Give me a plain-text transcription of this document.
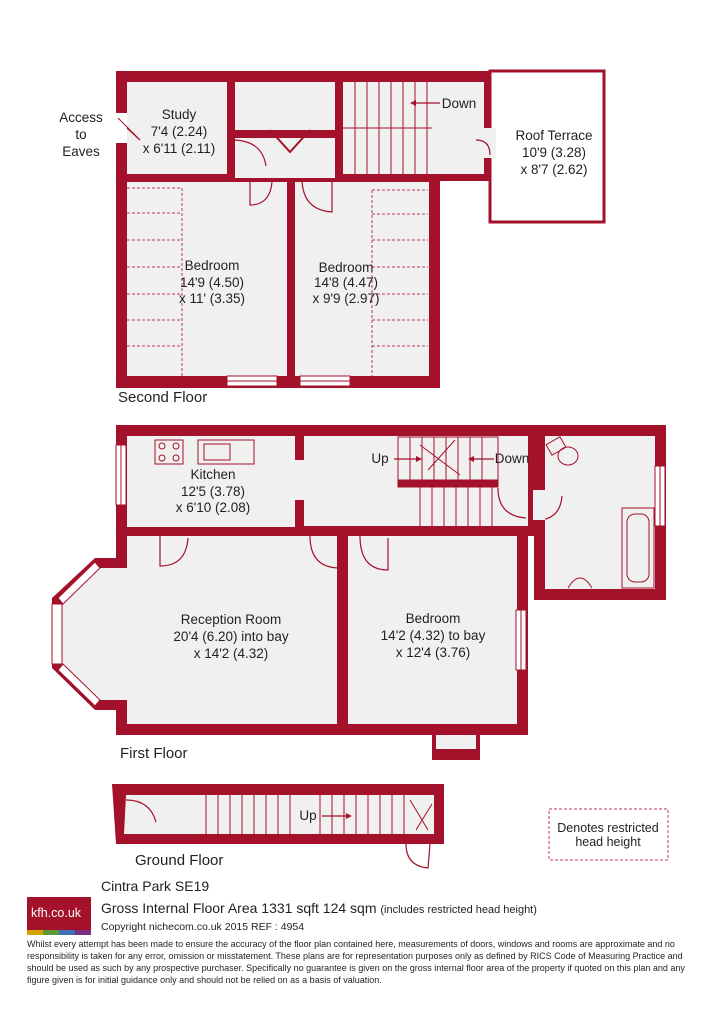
Access
to
Eaves
Study
7'4 (2.24)
x 6'11 (2.11)
Down
Roof Terrace
10'9 (3.28)
x 8'7 (2.62)
Bedroom
14'9 (4.50)
x 11' (3.35)
Bedroom
14'8 (4.47)
x 9'9 (2.97)
Second Floor
Up	Down
Kitchen
12'5 (3.78)
x 6'10 (2.08)
Reception Room
20'4 (6.20) into bay
x 14'2 (4.32)
Bedroom
14'2 (4.32) to bay
x 12'4 (3.76)
First Floor
Up
Ground Floor
Denotes restricted
head height
kfh.co.uk
Cintra Park SE19
Gross Internal Floor Area 1331 sqft 124 sqm (includes restricted head height)
Copyright nichecom.co.uk 2015 REF : 4954
Whilst every attempt has been made to ensure the accuracy of the floor plan contained here, measurements of doors, windows and rooms are approximate and no responsibility is taken for any error, omission or misstatement. These plans are for representation purposes only as defined by RICS Code of Measuring Practice and should be used as such by any prospective purchaser. Specifically no guarantee is given on the gross internal floor area of the property if quoted on this plan and any figure given is for initial guidance only and should not be relied on as a basis of valuation.
